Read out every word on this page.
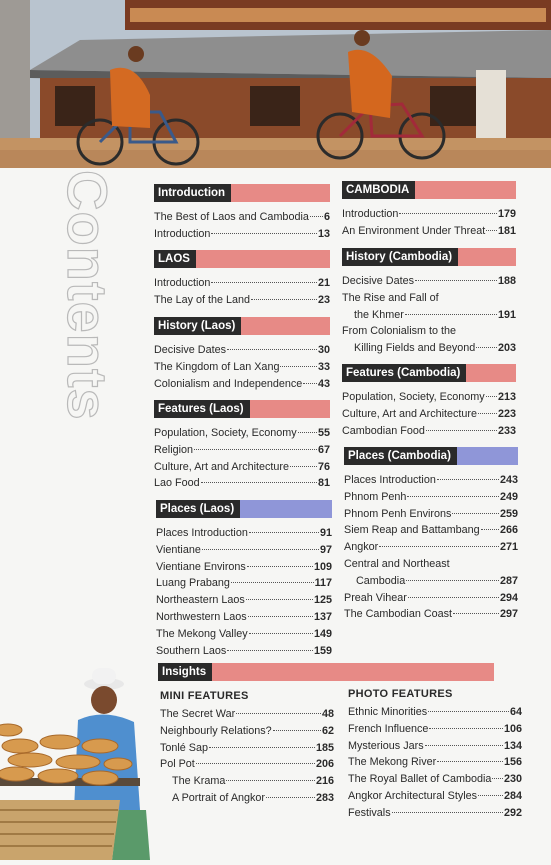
Contents	Introduction
The Best of Laos and Cambodia 6
Introduction	13
LAOS
Introduction	21
The Lay of the Land	23
History (Laos)
Decisive Dates	30
The Kingdom of Lan Xang	33
Colonialism and Independence 43
Features (Laos)
Population, Society, Economy 55
Religion	67
Culture, Art and Architecture	76
Lao Food	81
Places (Laos)
Places Introduction	91
Vientiane	97
Vientiane Environs	109
Luang Prabang	117
Northeastern Laos	125
Northwestern Laos	137
The Mekong Valley	149
Southern Laos	159
CAMBODIA
Introduction	179
An Environment Under Threat 181
History (Cambodia)
Decisive Dates	188
The Rise and Fall of
the Khmer	191
From Colonialism to the
Killing Fields and Beyond 203
Features (Cambodia)
Population, Society, Economy 213
Culture, Art and Architecture 223
Cambodian Food	233
Places (Cambodia)
Places Introduction	243
Phnom Penh	249
Phnom Penh Environs	259
Siem Reap and Battambang 266
Angkor	271
Central and Northeast
Cambodia	287
Preah Vihear	294
The Cambodian Coast	297
Insights
MINI FEATURES
The Secret War	48
Neighbourly Relations?	62
Tonlé Sap	185
Pol Pot	206
The Krama	216
A Portrait of Angkor	283
PHOTO FEATURES
Ethnic Minorities	64
French Influence	106
Mysterious Jars	134
The Mekong River	156
The Royal Ballet of Cambodia 230
Angkor Architectural Styles 284
Festivals	292
